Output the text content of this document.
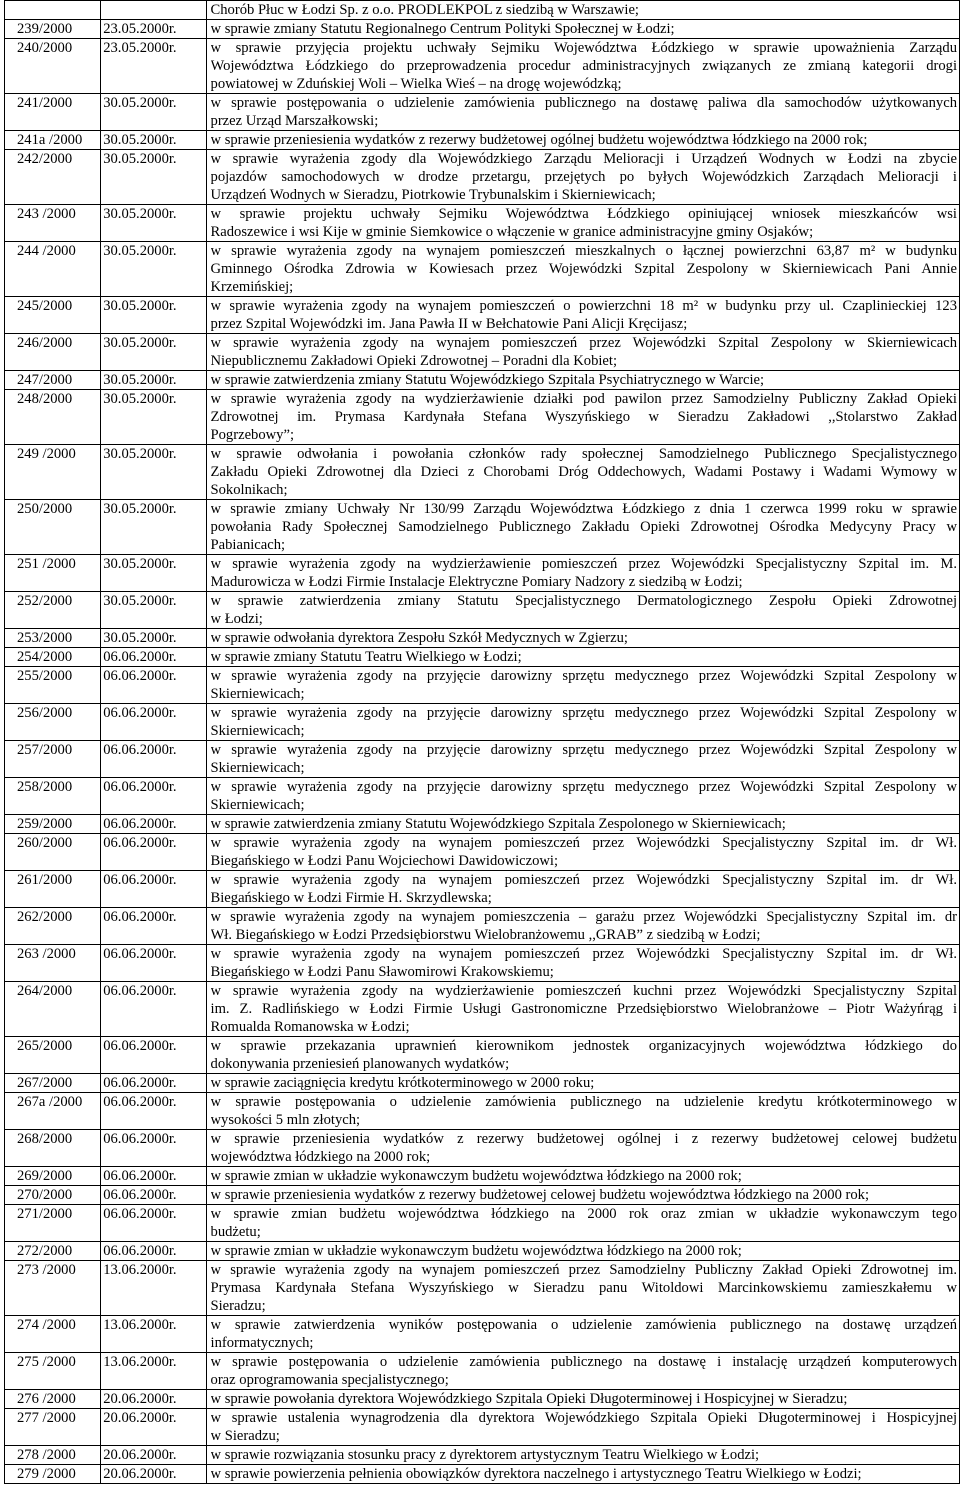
		Chorób Płuc w Łodzi Sp. z o.o. PRODLEKPOL z siedzibą w Warszawie;

239/2000	23.05.2000r.	w sprawie zmiany Statutu Regionalnego Centrum Polityki Społecznej w Łodzi;

240/2000	23.05.2000r.	w sprawie przyjęcia projektu uchwały Sejmiku Województwa Łódzkiego w sprawie upoważnienia Zarządu
Województwa Łódzkiego do przeprowadzenia procedur administracyjnych związanych ze zmianą kategorii drogi
powiatowej w Zduńskiej Woli – Wielka Wieś – na drogę wojewódzką;

241/2000	30.05.2000r.	w sprawie postępowania o udzielenie zamówienia publicznego na dostawę paliwa dla samochodów użytkowanych
przez Urząd Marszałkowski;

241a /2000	30.05.2000r.	w sprawie przeniesienia wydatków z rezerwy budżetowej ogólnej budżetu województwa łódzkiego na 2000 rok;

242/2000	30.05.2000r.	w sprawie wyrażenia zgody dla Wojewódzkiego Zarządu Melioracji i Urządzeń Wodnych w Łodzi na zbycie
pojazdów samochodowych w drodze przetargu, przejętych po byłych Wojewódzkich Zarządach Melioracji i
Urządzeń Wodnych w Sieradzu, Piotrkowie Trybunalskim i Skierniewicach;

243 /2000	30.05.2000r.	w sprawie projektu uchwały Sejmiku Województwa Łódzkiego opiniującej wniosek mieszkańców wsi
Radoszewice i wsi Kije w gminie Siemkowice o włączenie w granice administracyjne gminy Osjaków;

244 /2000	30.05.2000r.	w sprawie wyrażenia zgody na wynajem pomieszczeń mieszkalnych o łącznej powierzchni 63,87 m² w budynku
Gminnego Ośrodka Zdrowia w Kowiesach przez Wojewódzki Szpital Zespolony w Skierniewicach Pani Annie
Krzemińskiej;

245/2000	30.05.2000r.	w sprawie wyrażenia zgody na wynajem pomieszczeń o powierzchni 18 m² w budynku przy ul. Czaplinieckiej 123
przez Szpital Wojewódzki im. Jana Pawła II w Bełchatowie Pani Alicji Kręcijasz;

246/2000	30.05.2000r.	w sprawie wyrażenia zgody na wynajem pomieszczeń przez Wojewódzki Szpital Zespolony w Skierniewicach
Niepublicznemu Zakładowi Opieki Zdrowotnej – Poradni dla Kobiet;

247/2000	30.05.2000r.	w sprawie zatwierdzenia zmiany Statutu Wojewódzkiego Szpitala Psychiatrycznego w Warcie;

248/2000	30.05.2000r.	w sprawie wyrażenia zgody na wydzierżawienie działki pod pawilon przez Samodzielny Publiczny Zakład Opieki
Zdrowotnej im. Prymasa Kardynała Stefana Wyszyńskiego w Sieradzu Zakładowi ,,Stolarstwo Zakład
Pogrzebowy”;

249 /2000	30.05.2000r.	w sprawie odwołania i powołania członków rady społecznej Samodzielnego Publicznego Specjalistycznego
Zakładu Opieki Zdrowotnej dla Dzieci z Chorobami Dróg Oddechowych, Wadami Postawy i Wadami Wymowy w
Sokolnikach;

250/2000	30.05.2000r.	w sprawie zmiany Uchwały Nr 130/99 Zarządu Województwa Łódzkiego z dnia 1 czerwca 1999 roku w sprawie
powołania Rady Społecznej Samodzielnego Publicznego Zakładu Opieki Zdrowotnej Ośrodka Medycyny Pracy w
Pabianicach;

251 /2000	30.05.2000r.	w sprawie wyrażenia zgody na wydzierżawienie pomieszczeń przez Wojewódzki Specjalistyczny Szpital im. M.
Madurowicza w Łodzi Firmie Instalacje Elektryczne Pomiary Nadzory z siedzibą w Łodzi;

252/2000	30.05.2000r.	w sprawie zatwierdzenia zmiany Statutu Specjalistycznego Dermatologicznego Zespołu Opieki Zdrowotnej
w Łodzi;

253/2000	30.05.2000r.	w sprawie odwołania dyrektora Zespołu Szkół Medycznych w Zgierzu;

254/2000	06.06.2000r.	w sprawie zmiany Statutu Teatru Wielkiego w Łodzi;

255/2000	06.06.2000r.	w sprawie wyrażenia zgody na przyjęcie darowizny sprzętu medycznego przez Wojewódzki Szpital Zespolony w
Skierniewicach;

256/2000	06.06.2000r.	w sprawie wyrażenia zgody na przyjęcie darowizny sprzętu medycznego przez Wojewódzki Szpital Zespolony w
Skierniewicach;

257/2000	06.06.2000r.	w sprawie wyrażenia zgody na przyjęcie darowizny sprzętu medycznego przez Wojewódzki Szpital Zespolony w
Skierniewicach;

258/2000	06.06.2000r.	w sprawie wyrażenia zgody na przyjęcie darowizny sprzętu medycznego przez Wojewódzki Szpital Zespolony w
Skierniewicach;

259/2000	06.06.2000r.	w sprawie zatwierdzenia zmiany Statutu Wojewódzkiego Szpitala Zespolonego w Skierniewicach;

260/2000	06.06.2000r.	w sprawie wyrażenia zgody na wynajem pomieszczeń przez Wojewódzki Specjalistyczny Szpital im. dr Wł.
Biegańskiego w Łodzi Panu Wojciechowi Dawidowiczowi;

261/2000	06.06.2000r.	w sprawie wyrażenia zgody na wynajem pomieszczeń przez Wojewódzki Specjalistyczny Szpital im. dr Wł.
Biegańskiego w Łodzi Firmie H. Skrzydlewska;

262/2000	06.06.2000r.	w sprawie wyrażenia zgody na wynajem pomieszczenia – garażu przez Wojewódzki Specjalistyczny Szpital im. dr
Wł. Biegańskiego w Łodzi Przedsiębiorstwu Wielobranżowemu ,,GRAB” z siedzibą w Łodzi;

263 /2000	06.06.2000r.	w sprawie wyrażenia zgody na wynajem pomieszczeń przez Wojewódzki Specjalistyczny Szpital im. dr Wł.
Biegańskiego w Łodzi Panu Sławomirowi Krakowskiemu;

264/2000	06.06.2000r.	w sprawie wyrażenia zgody na wydzierżawienie pomieszczeń kuchni przez Wojewódzki Specjalistyczny Szpital
im. Z. Radlińskiego w Łodzi Firmie Usługi Gastronomiczne Przedsiębiorstwo Wielobranżowe – Piotr Ważyńrąg i
Romualda Romanowska w Łodzi;

265/2000	06.06.2000r.	w sprawie przekazania uprawnień kierownikom jednostek organizacyjnych województwa łódzkiego do
dokonywania przeniesień planowanych wydatków;

267/2000	06.06.2000r.	w sprawie zaciągnięcia kredytu krótkoterminowego w 2000 roku;

267a /2000	06.06.2000r.	w sprawie postępowania o udzielenie zamówienia publicznego na udzielenie kredytu krótkoterminowego w
wysokości 5 mln złotych;

268/2000	06.06.2000r.	w sprawie przeniesienia wydatków z rezerwy budżetowej ogólnej i z rezerwy budżetowej celowej budżetu
województwa łódzkiego na 2000 rok;

269/2000	06.06.2000r.	w sprawie zmian w układzie wykonawczym budżetu województwa łódzkiego na 2000 rok;

270/2000	06.06.2000r.	w sprawie przeniesienia wydatków z rezerwy budżetowej celowej budżetu województwa łódzkiego na 2000 rok;

271/2000	06.06.2000r.	w sprawie zmian budżetu województwa łódzkiego na 2000 rok oraz zmian w układzie wykonawczym tego
budżetu;

272/2000	06.06.2000r.	w sprawie zmian w układzie wykonawczym budżetu województwa łódzkiego na 2000 rok;

273 /2000	13.06.2000r.	w sprawie wyrażenia zgody na wynajem pomieszczeń przez Samodzielny Publiczny Zakład Opieki Zdrowotnej im.
Prymasa Kardynała Stefana Wyszyńskiego w Sieradzu panu Witoldowi Marcinkowskiemu zamieszkałemu w
Sieradzu;

274 /2000	13.06.2000r.	w sprawie zatwierdzenia wyników postępowania o udzielenie zamówienia publicznego na dostawę urządzeń
informatycznych;

275 /2000	13.06.2000r.	w sprawie postępowania o udzielenie zamówienia publicznego na dostawę i instalację urządzeń komputerowych
oraz oprogramowania specjalistycznego;

276 /2000	20.06.2000r.	w sprawie powołania dyrektora Wojewódzkiego Szpitala Opieki Długoterminowej i Hospicyjnej w Sieradzu;

277 /2000	20.06.2000r.	w sprawie ustalenia wynagrodzenia dla dyrektora Wojewódzkiego Szpitala Opieki Długoterminowej i Hospicyjnej
w Sieradzu;

278 /2000	20.06.2000r.	w sprawie rozwiązania stosunku pracy z dyrektorem artystycznym Teatru Wielkiego w Łodzi;

279 /2000	20.06.2000r.	w sprawie powierzenia pełnienia obowiązków dyrektora naczelnego i artystycznego Teatru Wielkiego w Łodzi;
